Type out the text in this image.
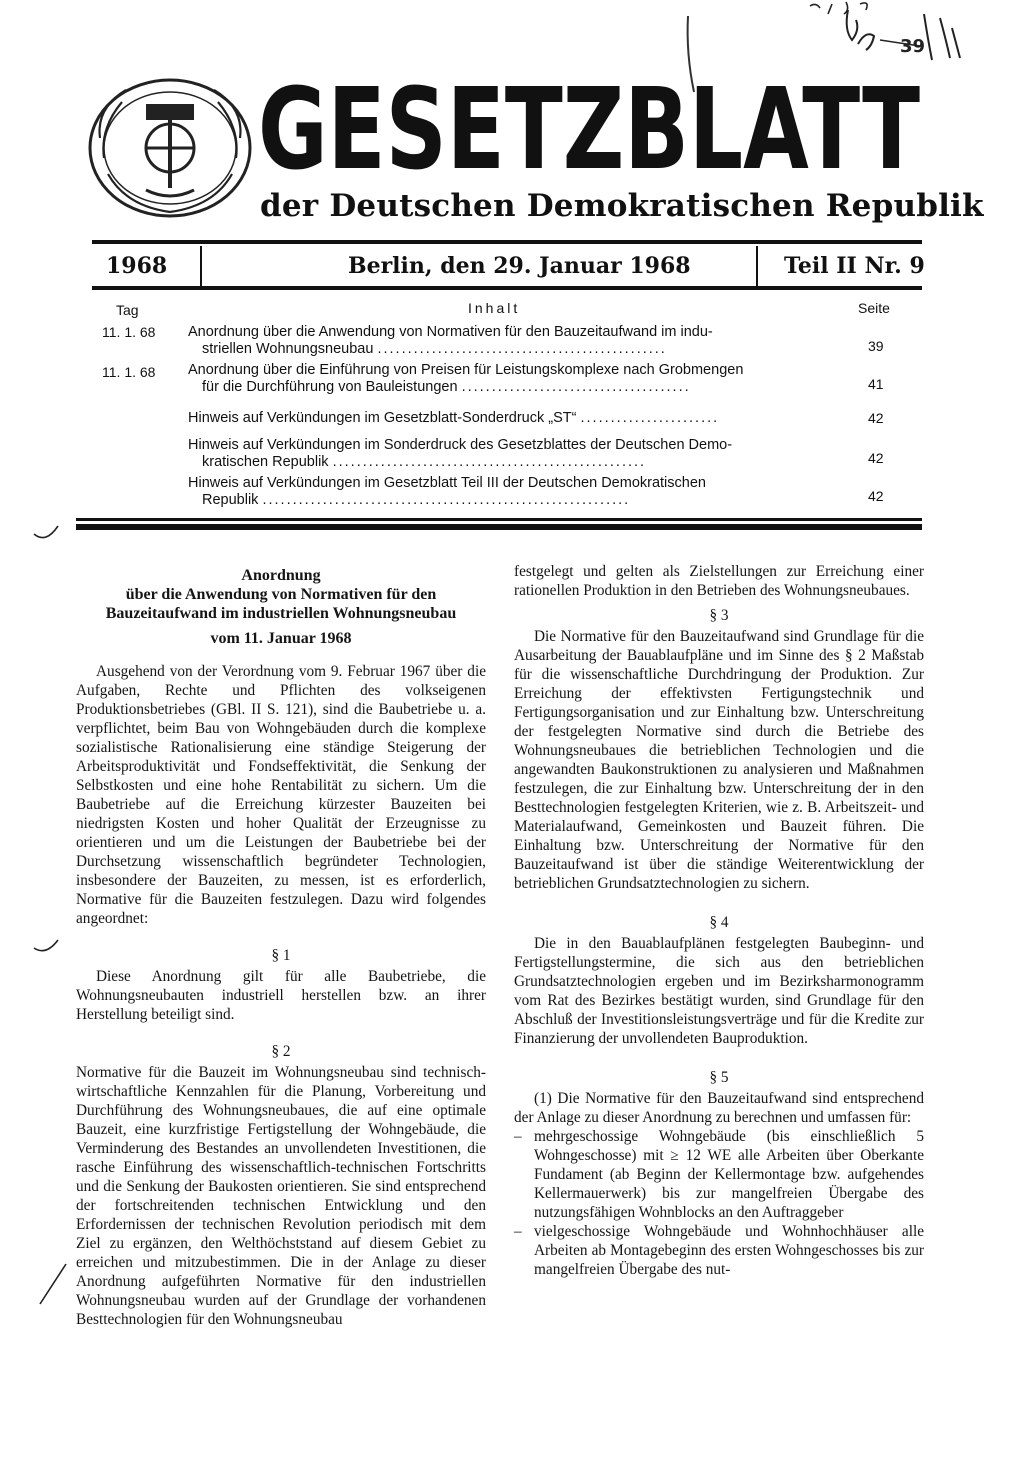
39
GESETZBLATT
der Deutschen Demokratischen Republik
1968	Berlin, den 29. Januar 1968	Teil II Nr. 9
Tag	Inhalt	Seite
11. 1. 68 Anordnung über die Anwendung von Normativen für den Bauzeitaufwand im indu-
striellen Wohnungsneubau ................................................	39
11. 1. 68 Anordnung über die Einführung von Preisen für Leistungskomplexe nach Grobmengen
für die Durchführung von Bauleistungen ......................................	41
Hinweis auf Verkündungen im Gesetzblatt-Sonderdruck „ST“ .......................	42
Hinweis auf Verkündungen im Sonderdruck des Gesetzblattes der Deutschen Demo-
kratischen Republik ....................................................	42
Hinweis auf Verkündungen im Gesetzblatt Teil III der Deutschen Demokratischen
Republik .............................................................	42

Anordnung

über die Anwendung von Normativen für den

Bauzeitaufwand im industriellen Wohnungsneubau

vom 11. Januar 1968

Ausgehend von der Verordnung vom 9. Februar 1967 über die Aufgaben, Rechte und Pflichten des volkseigenen Produktionsbetriebes (GBl. II S. 121), sind die Baubetriebe u. a. verpflichtet, beim Bau von Wohngebäuden durch die komplexe sozialistische Rationalisierung eine ständige Steigerung der Arbeitsproduktivität und Fondseffektivität, die Senkung der Selbstkosten und eine hohe Rentabilität zu sichern. Um die Baubetriebe auf die Erreichung kürzester Bauzeiten bei niedrigsten Kosten und hoher Qualität der Erzeugnisse zu orientieren und um die Leistungen der Baubetriebe bei der Durchsetzung wissenschaftlich begründeter Technologien, insbesondere der Bauzeiten, zu messen, ist es erforderlich, Normative für die Bauzeiten festzulegen. Dazu wird folgendes angeordnet:

§ 1

Diese Anordnung gilt für alle Baubetriebe, die Wohnungsneubauten industriell herstellen bzw. an ihrer Herstellung beteiligt sind.

§ 2

Normative für die Bauzeit im Wohnungsneubau sind technisch-wirtschaftliche Kennzahlen für die Planung, Vorbereitung und Durchführung des Wohnungsneubaues, die auf eine optimale Bauzeit, eine kurzfristige Fertigstellung der Wohngebäude, die Verminderung des Bestandes an unvollendeten Investitionen, die rasche Einführung des wissenschaftlich-technischen Fortschritts und die Senkung der Baukosten orientieren. Sie sind entsprechend der fortschreitenden technischen Entwicklung und den Erfordernissen der technischen Revolution periodisch mit dem Ziel zu ergänzen, den Welthöchststand auf diesem Gebiet zu erreichen und mitzubestimmen. Die in der Anlage zu dieser Anordnung aufgeführten Normative für den industriellen Wohnungsneubau wurden auf der Grundlage der vorhandenen Besttechnologien für den Wohnungsneubau

festgelegt und gelten als Zielstellungen zur Erreichung einer rationellen Produktion in den Betrieben des Wohnungsneubaues.

§ 3

Die Normative für den Bauzeitaufwand sind Grundlage für die Ausarbeitung der Bauablaufpläne und im Sinne des § 2 Maßstab für die wissenschaftliche Durchdringung der Produktion. Zur Erreichung der effektivsten Fertigungstechnik und Fertigungsorganisation und zur Einhaltung bzw. Unterschreitung der festgelegten Normative sind durch die Betriebe des Wohnungsneubaues die betrieblichen Technologien und die angewandten Baukonstruktionen zu analysieren und Maßnahmen festzulegen, die zur Einhaltung bzw. Unterschreitung der in den Besttechnologien festgelegten Kriterien, wie z. B. Arbeitszeit- und Materialaufwand, Gemeinkosten und Bauzeit führen. Die Einhaltung bzw. Unterschreitung der Normative für den Bauzeitaufwand ist über die ständige Weiterentwicklung der betrieblichen Grundsatztechnologien zu sichern.

§ 4

Die in den Bauablaufplänen festgelegten Baubeginn- und Fertigstellungstermine, die sich aus den betrieblichen Grundsatztechnologien ergeben und im Bezirksharmonogramm vom Rat des Bezirkes bestätigt wurden, sind Grundlage für den Abschluß der Investitionsleistungsverträge und für die Kredite zur Finanzierung der unvollendeten Bauproduktion.

§ 5

(1) Die Normative für den Bauzeitaufwand sind entsprechend der Anlage zu dieser Anordnung zu berechnen und umfassen für:

– mehrgeschossige Wohngebäude (bis einschließlich 5 Wohngeschosse) mit ≥ 12 WE alle Arbeiten über Oberkante Fundament (ab Beginn der Kellermontage bzw. aufgehendes Kellermauerwerk) bis zur mangelfreien Übergabe des nutzungsfähigen Wohnblocks an den Auftraggeber
– vielgeschossige Wohngebäude und Wohnhochhäuser alle Arbeiten ab Montagebeginn des ersten Wohngeschosses bis zur mangelfreien Übergabe des nut-
